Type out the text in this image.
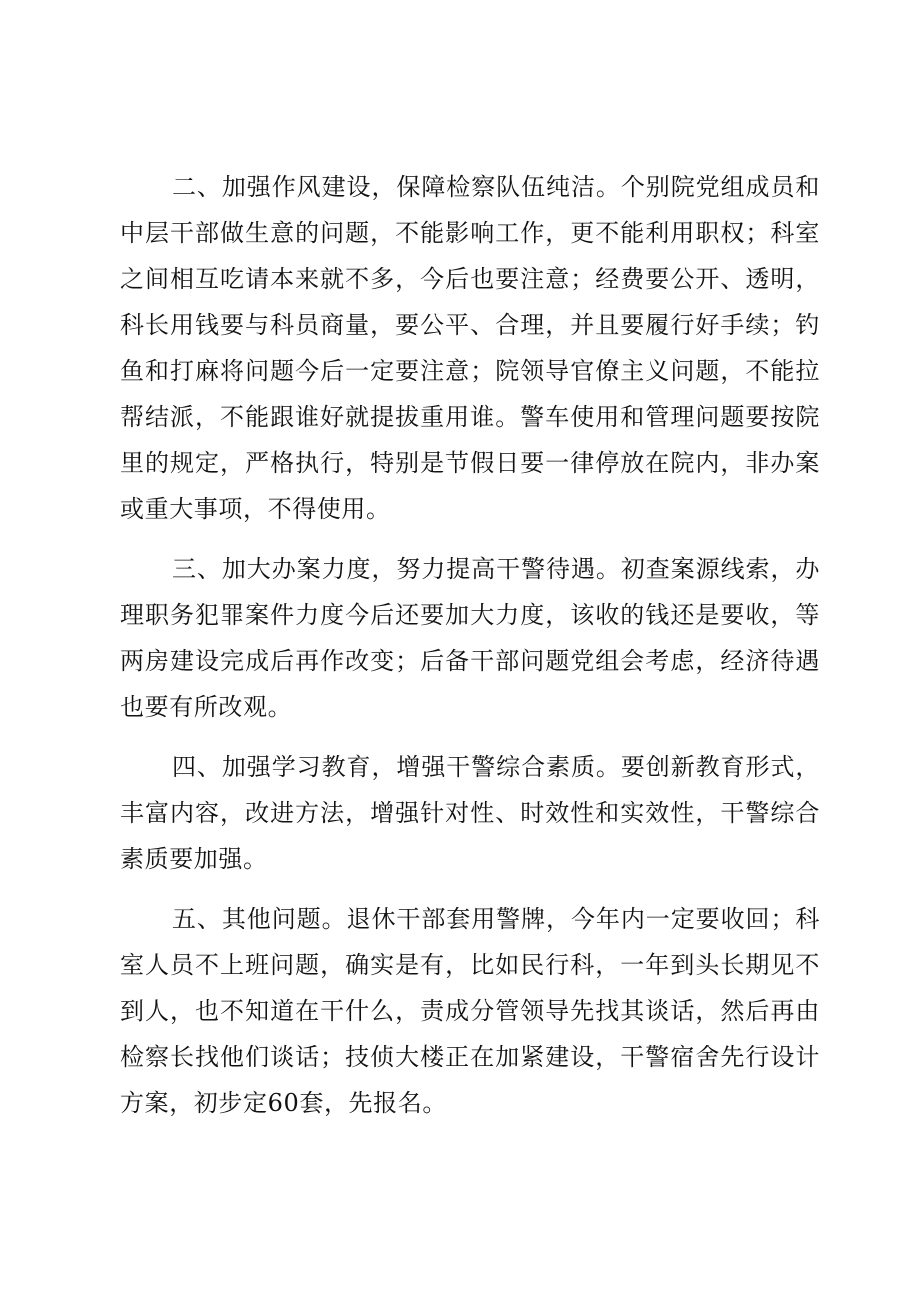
二、加强作风建设，保障检察队伍纯洁。个别院党组成员和中层干部做生意的问题，不能影响工作，更不能利用职权；科室之间相互吃请本来就不多，今后也要注意；经费要公开、透明，科长用钱要与科员商量，要公平、合理，并且要履行好手续；钓鱼和打麻将问题今后一定要注意；院领导官僚主义问题，不能拉帮结派，不能跟谁好就提拔重用谁。警车使用和管理问题要按院里的规定，严格执行，特别是节假日要一律停放在院内，非办案或重大事项，不得使用。

三、加大办案力度，努力提高干警待遇。初查案源线索，办理职务犯罪案件力度今后还要加大力度，该收的钱还是要收，等两房建设完成后再作改变；后备干部问题党组会考虑，经济待遇也要有所改观。

四、加强学习教育，增强干警综合素质。要创新教育形式，丰富内容，改进方法，增强针对性、时效性和实效性，干警综合素质要加强。

五、其他问题。退休干部套用警牌，今年内一定要收回；科室人员不上班问题，确实是有，比如民行科，一年到头长期见不到人，也不知道在干什么，责成分管领导先找其谈话，然后再由检察长找他们谈话；技侦大楼正在加紧建设，干警宿舍先行设计方案，初步定60套，先报名。
